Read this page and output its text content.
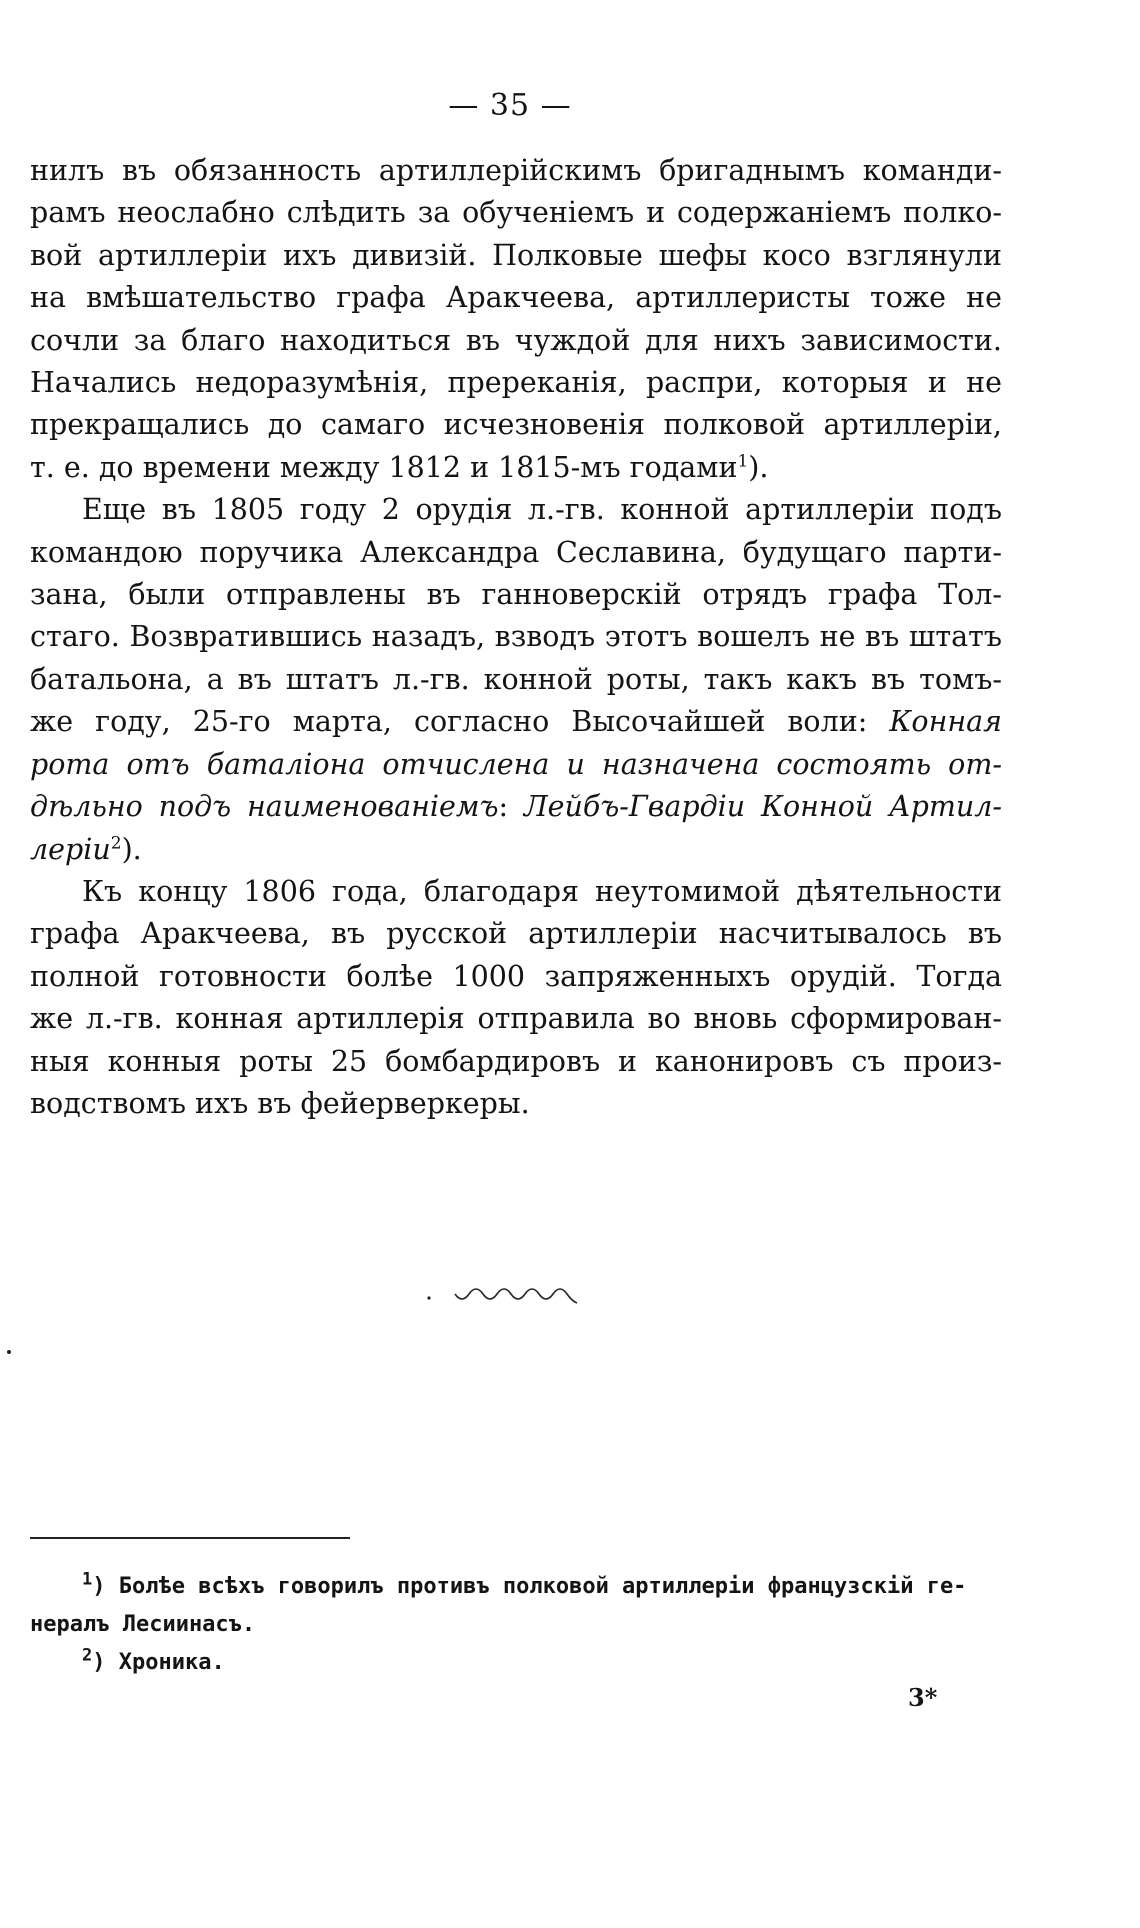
— 35 —
нилъ въ обязанность артиллерійскимъ бригаднымъ команди-
рамъ неослабно слѣдить за обученіемъ и содержаніемъ полко-
вой артиллеріи ихъ дивизій. Полковые шефы косо взглянули
на вмѣшательство графа Аракчеева, артиллеристы тоже не
сочли за благо находиться въ чуждой для нихъ зависимости.
Начались недоразумѣнія, пререканія, распри, которыя и не
прекращались до самаго исчезновенія полковой артиллеріи,
т. е. до времени между 1812 и 1815-мъ годами$^1$).
Еще въ 1805 году 2 орудія л.-гв. конной артиллеріи подъ
командою поручика Александра Сеславина, будущаго парти-
зана, были отправлены въ ганноверскій отрядъ графа Тол-
стаго. Возвратившись назадъ, взводъ этотъ вошелъ не въ штатъ
батальона, а въ штатъ л.-гв. конной роты, такъ какъ въ томъ-
же году, 25-го марта, согласно Высочайшей воли: Конная
рота отъ баталіона отчислена и назначена состоять от-
дѣльно подъ наименованіемъ: Лейбъ-Гвардіи Конной Артил-
леріи$^2$).
Къ концу 1806 года, благодаря неутомимой дѣятельности
графа Аракчеева, въ русской артиллеріи насчитывалось въ
полной готовности болѣе 1000 запряженныхъ орудій. Тогда
же л.-гв. конная артиллерія отправила во вновь сформирован-
ныя конныя роты 25 бомбардировъ и канонировъ съ произ-
водствомъ ихъ въ фейерверкеры.
$^1$) Болѣе всѣхъ говорилъ противъ полковой артиллеріи французскій ге-
нералъ Лесиинасъ.
$^2$) Хроника.
3*
